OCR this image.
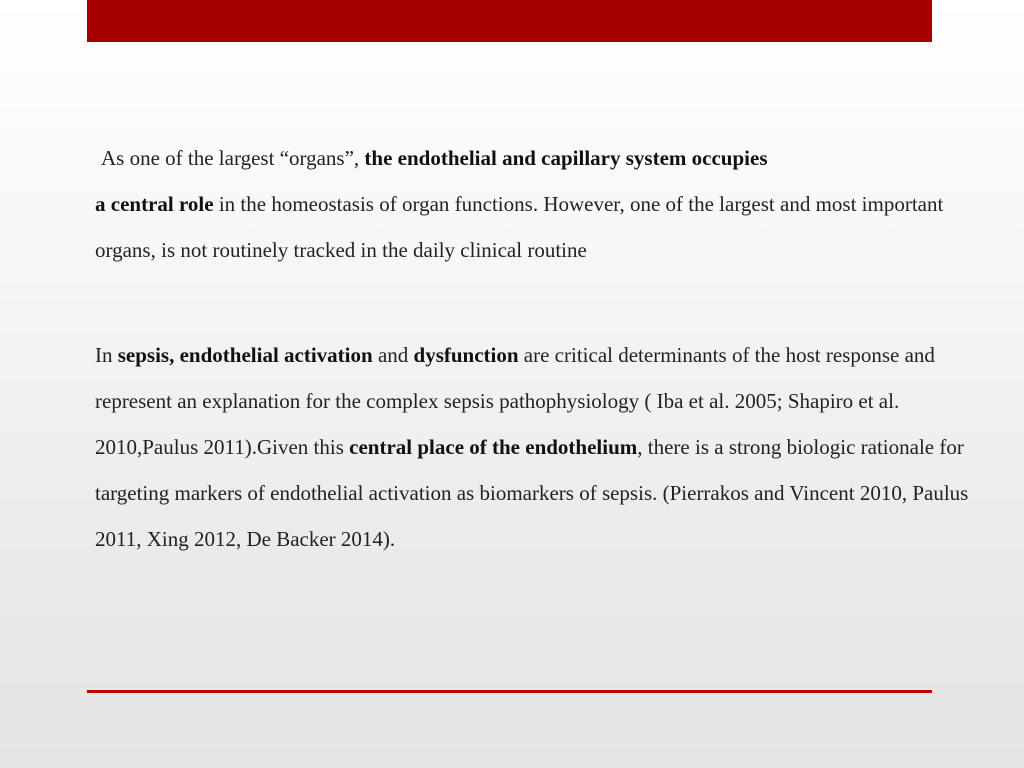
As one of the largest “organs”, the endothelial and capillary system occupies
a central role in the homeostasis of organ functions. However, one of the largest and most important organs, is not routinely tracked in the daily clinical routine

In sepsis, endothelial activation and dysfunction are critical determinants of the host response and represent an explanation for the complex sepsis pathophysiology ( Iba et al. 2005; Shapiro et al. 2010,Paulus 2011).Given this central place of the endothelium, there is a strong biologic rationale for targeting markers of endothelial activation as biomarkers of sepsis. (Pierrakos and Vincent 2010, Paulus 2011, Xing 2012, De Backer 2014).
